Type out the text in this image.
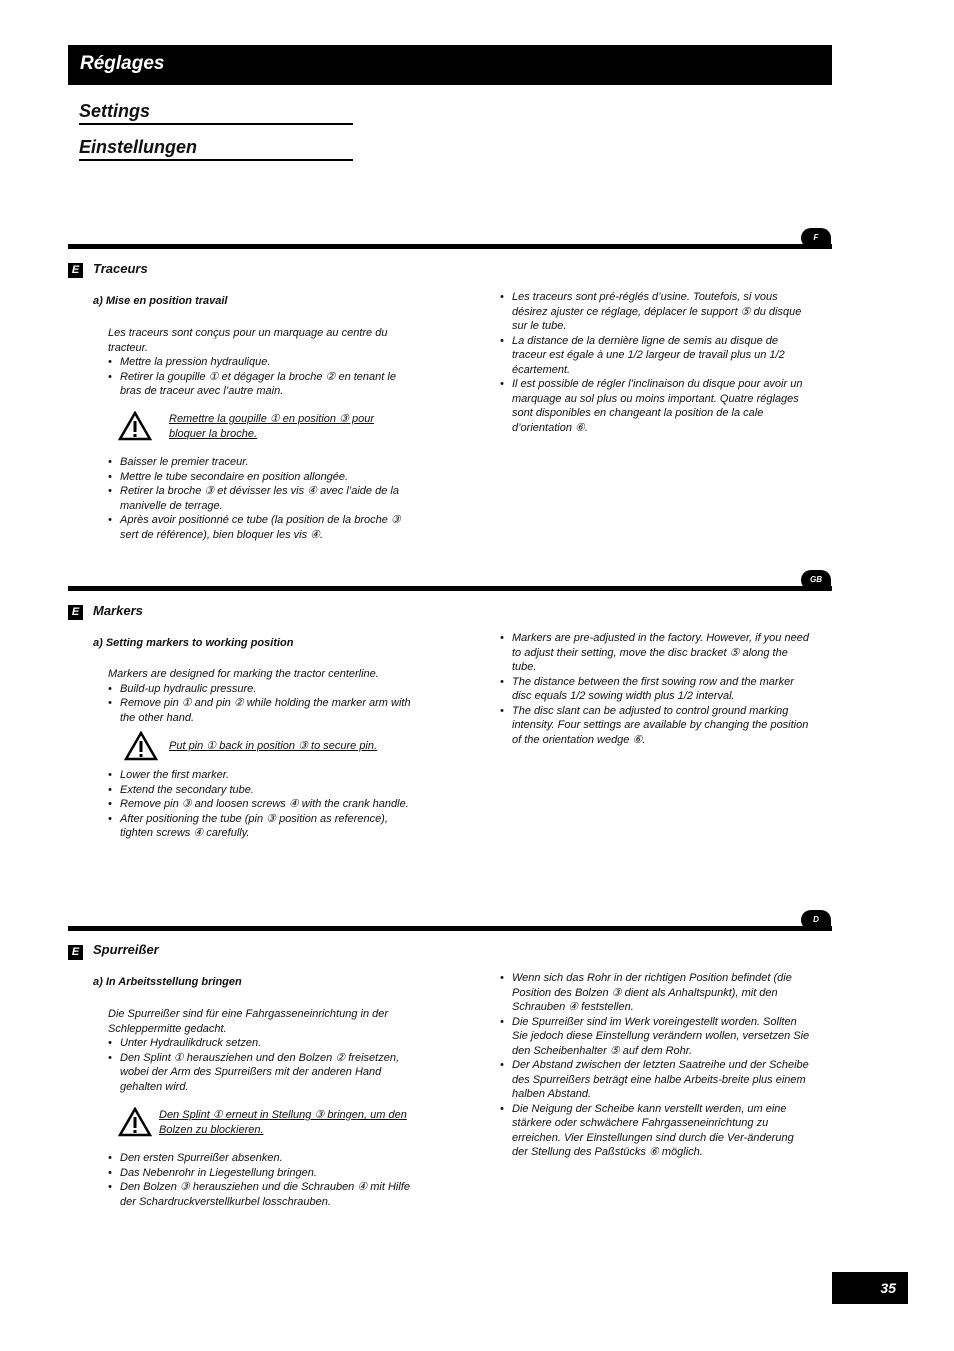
Réglages
Settings
Einstellungen
F
E Traceurs
a) Mise en position travail

Les traceurs sont conçus pour un marquage au centre du tracteur.

• Mettre la pression hydraulique.
• Retirer la goupille ① et dégager la broche ② en tenant le bras de traceur avec l’autre main.
Remettre la goupille ① en position ③ pour bloquer la broche.
• Baisser le premier traceur.
• Mettre le tube secondaire en position allongée.
• Retirer la broche ③ et dévisser les vis ④ avec l’aide de la manivelle de terrage.
• Après avoir positionné ce tube (la position de la broche ③ sert de référence), bien bloquer les vis ④.
• Les traceurs sont pré-réglés d’usine. Toutefois, si vous désirez ajuster ce réglage, déplacer le support ⑤ du disque sur le tube.
• La distance de la dernière ligne de semis au disque de traceur est égale à une 1/2 largeur de travail plus un 1/2 écartement.
• Il est possible de régler l’inclinaison du disque pour avoir un marquage au sol plus ou moins important. Quatre réglages sont disponibles en changeant la position de la cale d’orientation ⑥.
GB
E Markers
a) Setting markers to working position

Markers are designed for marking the tractor centerline.

• Build-up hydraulic pressure.
• Remove pin ① and pin ② while holding the marker arm with the other hand.
Put pin ① back in position ③ to secure pin.
• Lower the first marker.
• Extend the secondary tube.
• Remove pin ③ and loosen screws ④ with the crank handle.
• After positioning the tube (pin ③ position as reference), tighten screws ④ carefully.
• Markers are pre-adjusted in the factory. However, if you need to adjust their setting, move the disc bracket ⑤ along the tube.
• The distance between the first sowing row and the marker disc equals 1/2 sowing width plus 1/2 interval.
• The disc slant can be adjusted to control ground marking intensity. Four settings are available by changing the position of the orientation wedge ⑥.
D
E Spurreißer
a) In Arbeitsstellung bringen

Die Spurreißer sind für eine Fahrgasseneinrichtung in der Schleppermitte gedacht.

• Unter Hydraulikdruck setzen.
• Den Splint ① herausziehen und den Bolzen ② freisetzen, wobei der Arm des Spurreißers mit der anderen Hand gehalten wird.
Den Splint ① erneut in Stellung ③ bringen, um den Bolzen zu blockieren.
• Den ersten Spurreißer absenken.
• Das Nebenrohr in Liegestellung bringen.
• Den Bolzen ③ herausziehen und die Schrauben ④ mit Hilfe der Schardruckverstellkurbel losschrauben.
• Wenn sich das Rohr in der richtigen Position befindet (die Position des Bolzen ③ dient als Anhaltspunkt), mit den Schrauben ④ feststellen.
• Die Spurreißer sind im Werk voreingestellt worden. Sollten Sie jedoch diese Einstellung verändern wollen, versetzen Sie den Scheibenhalter ⑤ auf dem Rohr.
• Der Abstand zwischen der letzten Saatreihe und der Scheibe des Spurreißers beträgt eine halbe Arbeits-breite plus einem halben Abstand.
• Die Neigung der Scheibe kann verstellt werden, um eine stärkere oder schwächere Fahrgasseneinrichtung zu erreichen. Vier Einstellungen sind durch die Ver-änderung der Stellung des Paßstücks ⑥ möglich.
35
